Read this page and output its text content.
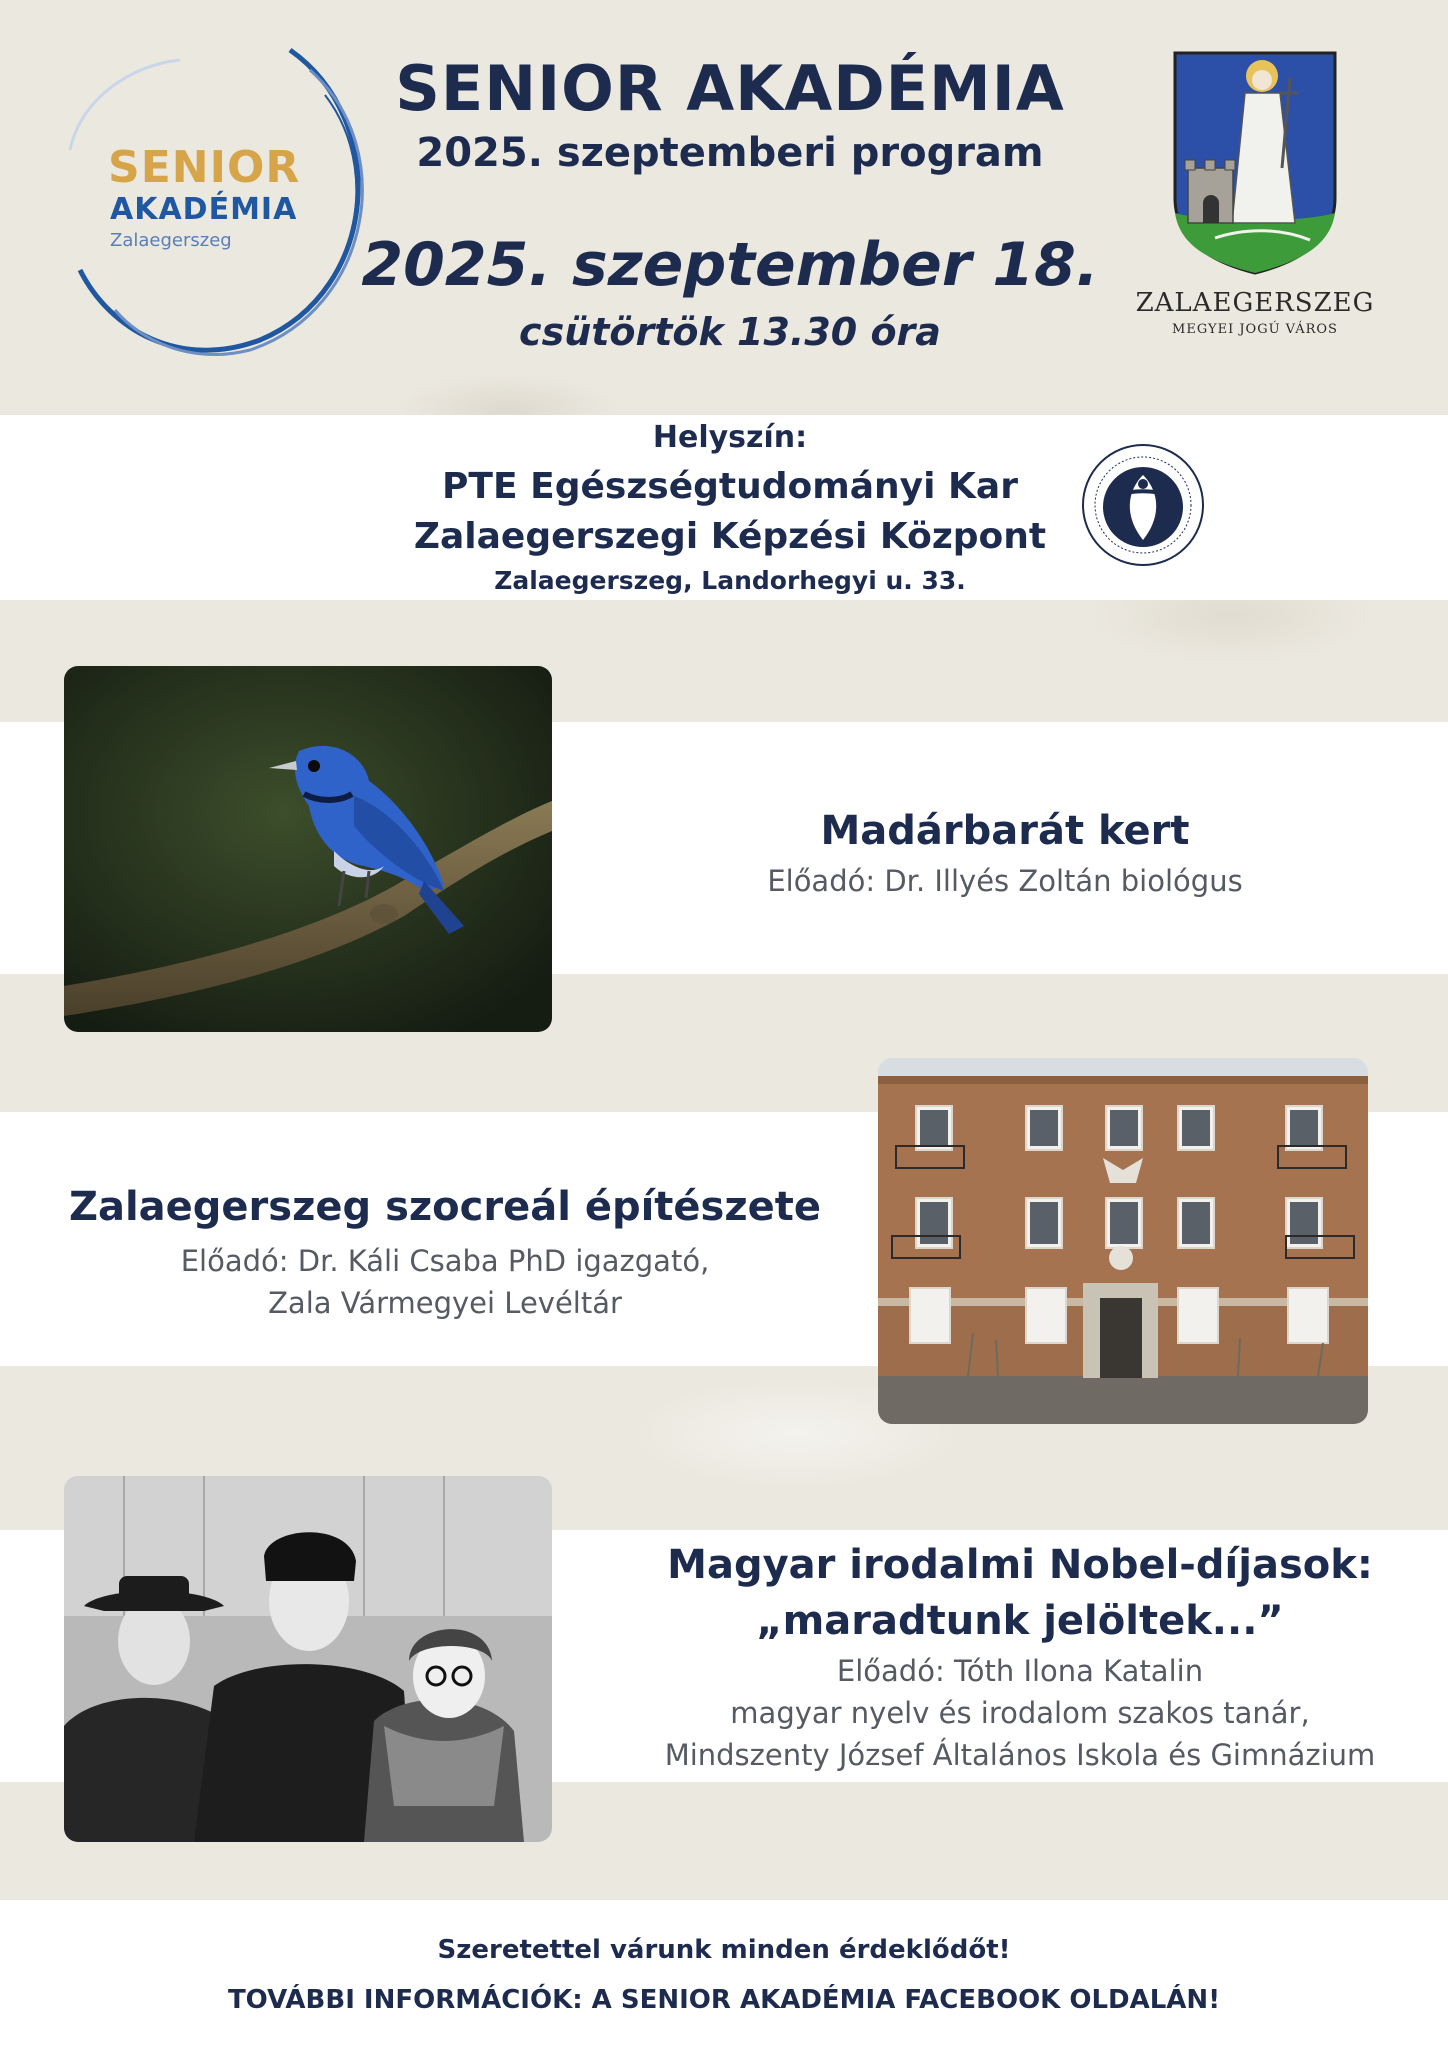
SENIOR
AKADÉMIA
Zalaegerszeg
SENIOR AKADÉMIA
2025. szeptemberi program
2025. szeptember 18.
csütörtök 13.30 óra
ZALAEGERSZEG
MEGYEI JOGÚ VÁROS
Helyszín:
PTE Egészségtudományi Kar
Zalaegerszegi Képzési Központ
Zalaegerszeg, Landorhegyi u. 33.
Madárbarát kert
Előadó: Dr. Illyés Zoltán biológus
Zalaegerszeg szocreál építészete
Előadó: Dr. Káli Csaba PhD igazgató,
Zala Vármegyei Levéltár
Magyar irodalmi Nobel-díjasok:
„maradtunk jelöltek...”
Előadó: Tóth Ilona Katalin
magyar nyelv és irodalom szakos tanár,
Mindszenty József Általános Iskola és Gimnázium
Szeretettel várunk minden érdeklődőt!
TOVÁBBI INFORMÁCIÓK: A SENIOR AKADÉMIA FACEBOOK OLDALÁN!
